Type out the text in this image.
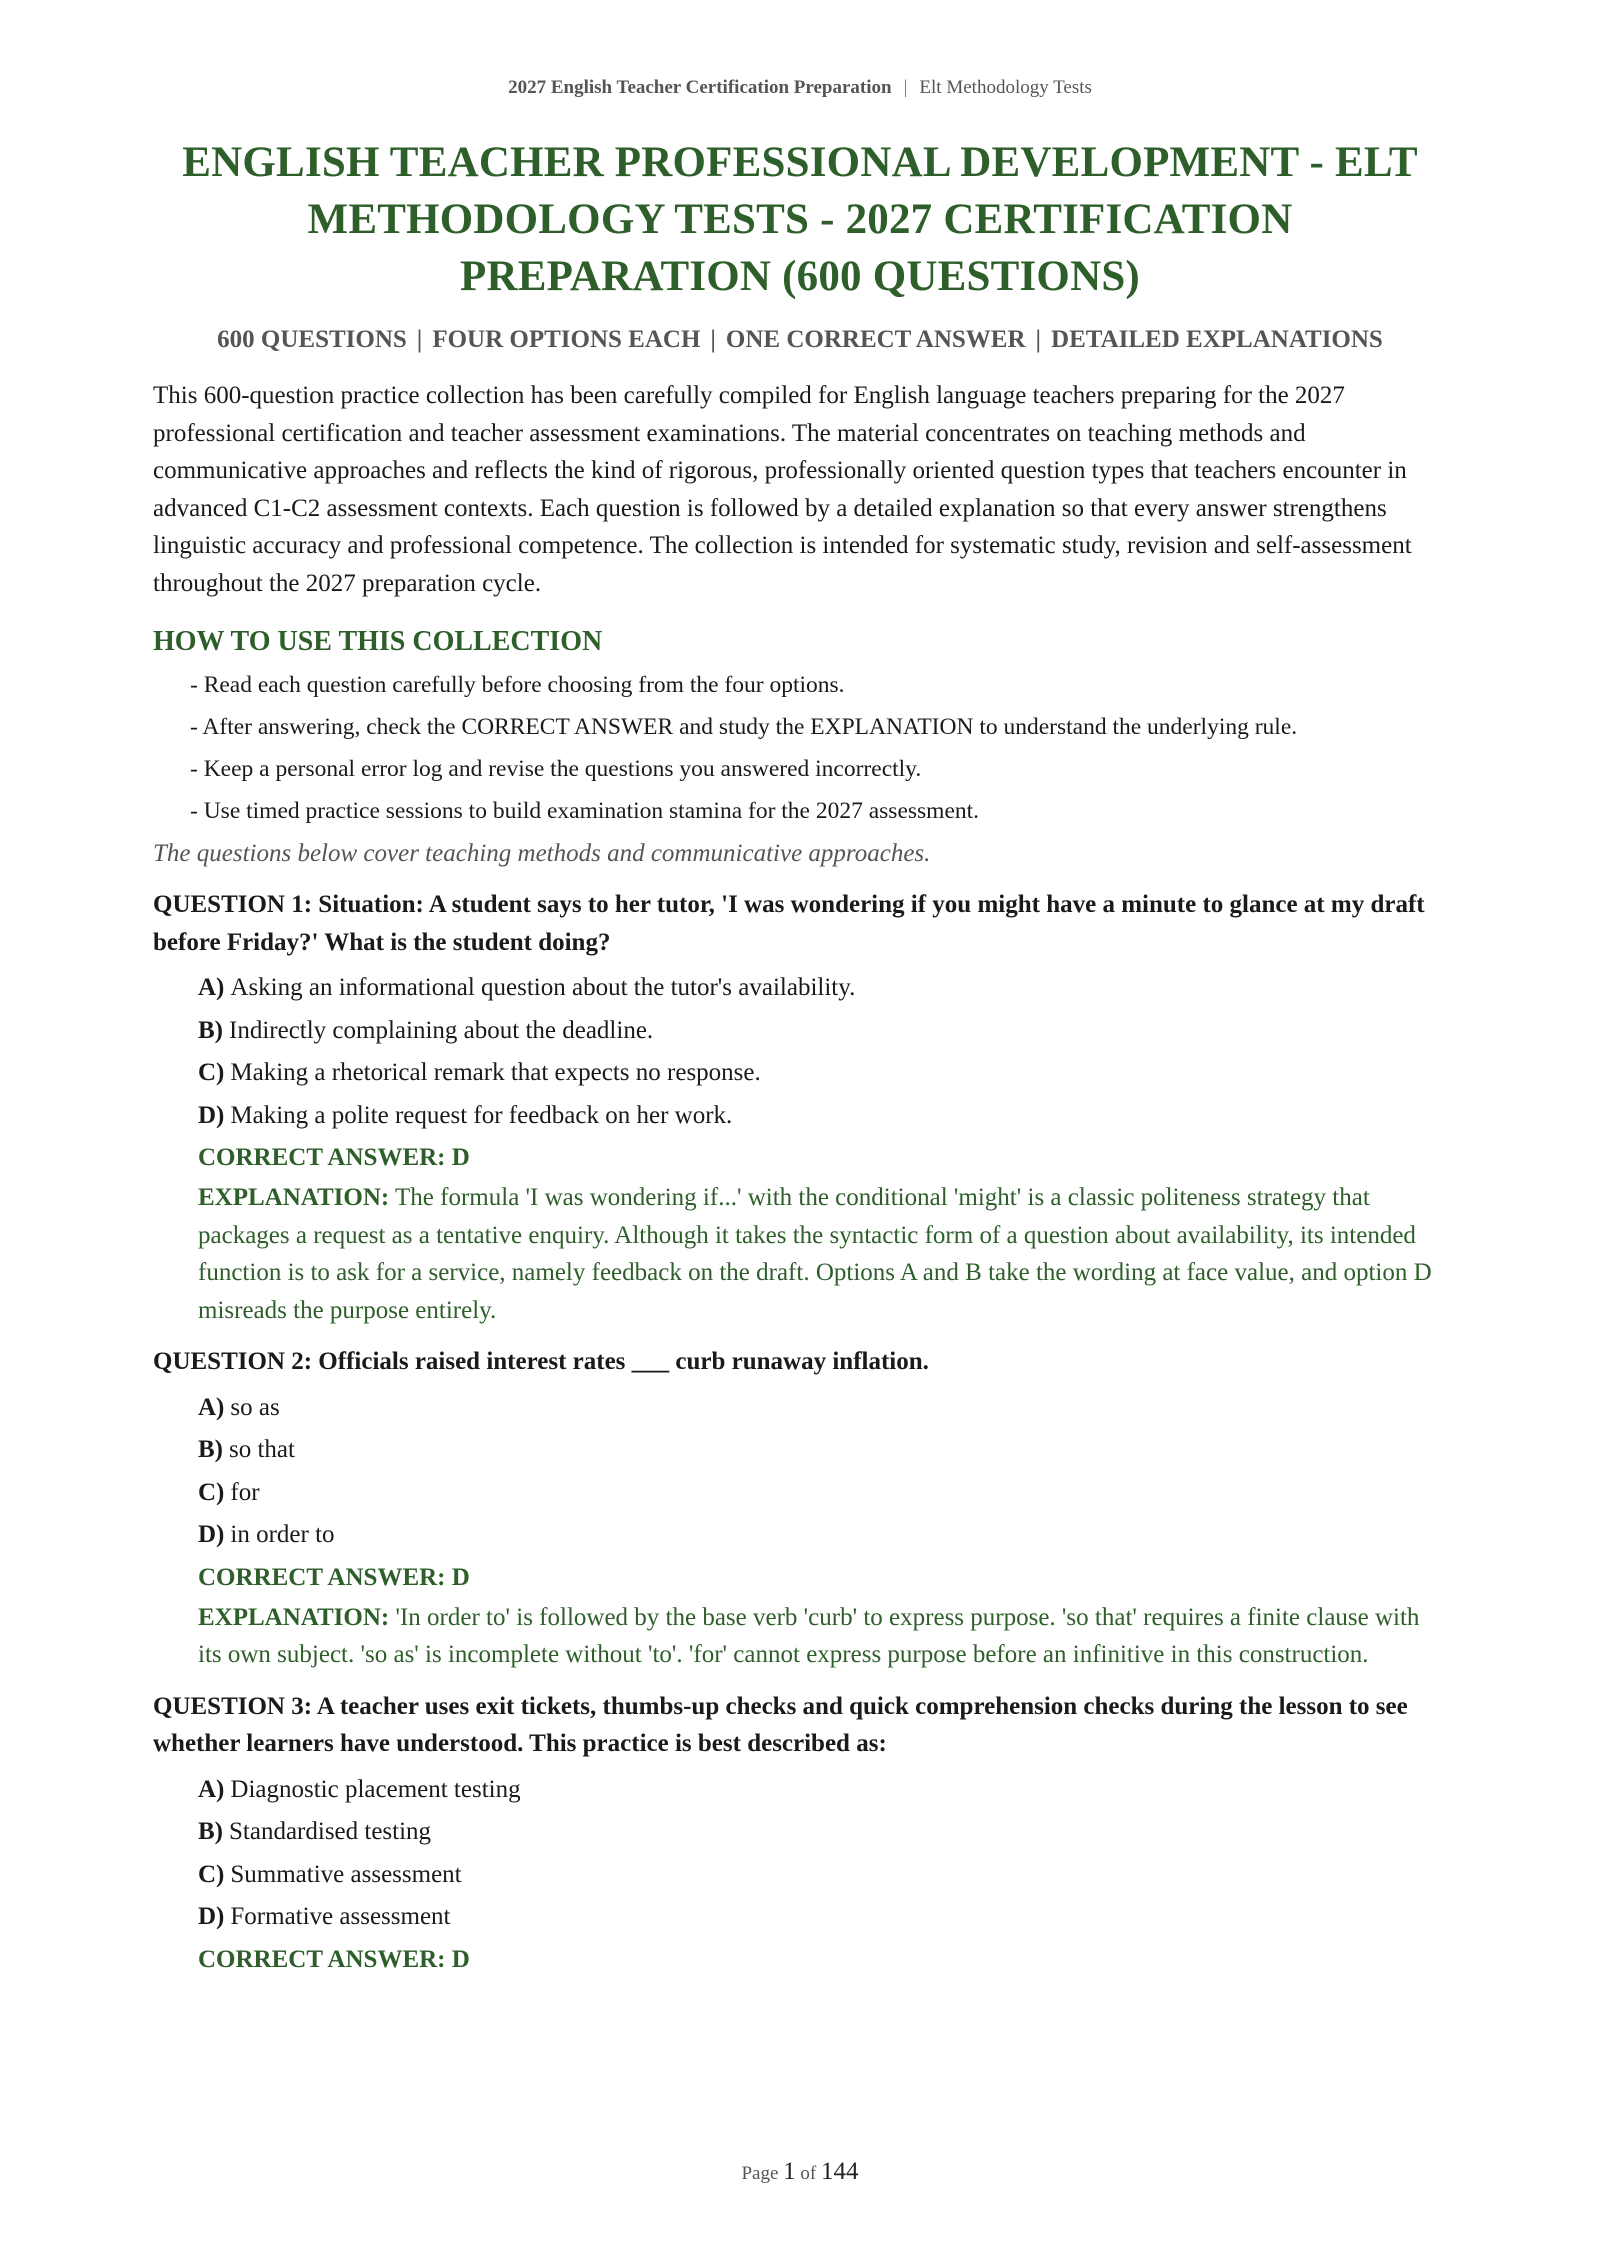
2027 English Teacher Certification Preparation | Elt Methodology Tests
ENGLISH TEACHER PROFESSIONAL DEVELOPMENT - ELT METHODOLOGY TESTS - 2027 CERTIFICATION PREPARATION (600 QUESTIONS)
600 QUESTIONS | FOUR OPTIONS EACH | ONE CORRECT ANSWER | DETAILED EXPLANATIONS

This 600-question practice collection has been carefully compiled for English language teachers preparing for the 2027 professional certification and teacher assessment examinations. The material concentrates on teaching methods and communicative approaches and reflects the kind of rigorous, professionally oriented question types that teachers encounter in advanced C1-C2 assessment contexts. Each question is followed by a detailed explanation so that every answer strengthens linguistic accuracy and professional competence. The collection is intended for systematic study, revision and self-assessment throughout the 2027 preparation cycle.

HOW TO USE THIS COLLECTION
- Read each question carefully before choosing from the four options.
- After answering, check the CORRECT ANSWER and study the EXPLANATION to understand the underlying rule.
- Keep a personal error log and revise the questions you answered incorrectly.
- Use timed practice sessions to build examination stamina for the 2027 assessment.

The questions below cover teaching methods and communicative approaches.

QUESTION 1: Situation: A student says to her tutor, 'I was wondering if you might have a minute to glance at my draft before Friday?' What is the student doing?

A) Asking an informational question about the tutor's availability.
B) Indirectly complaining about the deadline.
C) Making a rhetorical remark that expects no response.
D) Making a polite request for feedback on her work.
CORRECT ANSWER: D

EXPLANATION: The formula 'I was wondering if...' with the conditional 'might' is a classic politeness strategy that packages a request as a tentative enquiry. Although it takes the syntactic form of a question about availability, its intended function is to ask for a service, namely feedback on the draft. Options A and B take the wording at face value, and option D misreads the purpose entirely.

QUESTION 2: Officials raised interest rates ___ curb runaway inflation.

A) so as
B) so that
C) for
D) in order to
CORRECT ANSWER: D

EXPLANATION: 'In order to' is followed by the base verb 'curb' to express purpose. 'so that' requires a finite clause with its own subject. 'so as' is incomplete without 'to'. 'for' cannot express purpose before an infinitive in this construction.

QUESTION 3: A teacher uses exit tickets, thumbs-up checks and quick comprehension checks during the lesson to see whether learners have understood. This practice is best described as:

A) Diagnostic placement testing
B) Standardised testing
C) Summative assessment
D) Formative assessment
CORRECT ANSWER: D
Page 1 of 144
